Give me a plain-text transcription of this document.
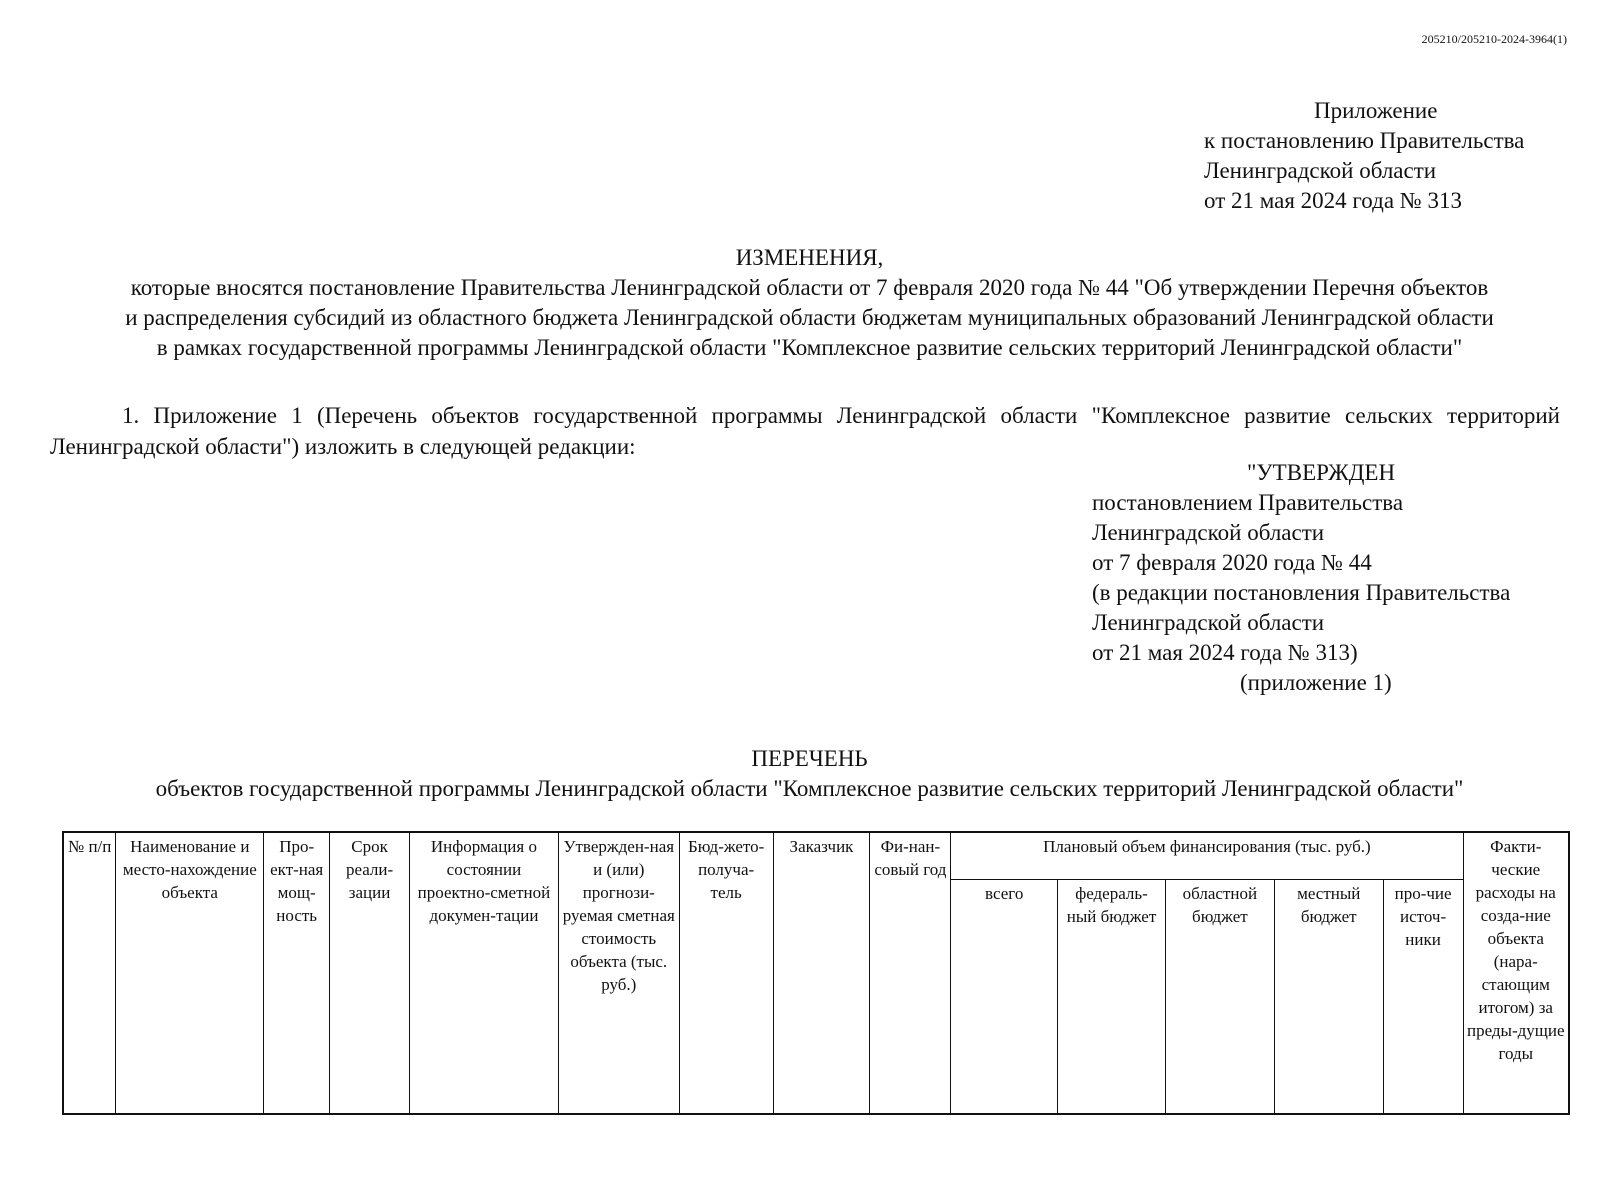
205210/205210-2024-3964(1)
Приложение
к постановлению Правительства
Ленинградской области
от 21 мая 2024 года № 313
ИЗМЕНЕНИЯ,
которые вносятся постановление Правительства Ленинградской области от 7 февраля 2020 года № 44 "Об утверждении Перечня объектов
и распределения субсидий из областного бюджета Ленинградской области бюджетам муниципальных образований Ленинградской области
в рамках государственной программы Ленинградской области "Комплексное развитие сельских территорий Ленинградской области"
1. Приложение 1 (Перечень объектов государственной программы Ленинградской области "Комплексное развитие сельских территорий Ленинградской области") изложить в следующей редакции:
"УТВЕРЖДЕН
постановлением Правительства
Ленинградской области
от 7 февраля 2020 года № 44
(в редакции постановления Правительства
Ленинградской области
от 21 мая 2024 года № 313)
(приложение 1)
ПЕРЕЧЕНЬ
объектов государственной программы Ленинградской области "Комплексное развитие сельских территорий Ленинградской области"
№ п/п	Наименование и место-нахождение объекта	Про-ект-ная мощ-ность	Срок реали-зации	Информация о состоянии проектно-сметной докумен-тации	Утвержден-ная и (или) прогнози-руемая сметная стоимость объекта (тыс. руб.)	Бюд-жето-получа-тель	Заказчик	Фи-нан-совый год	Плановый объем финансирования (тыс. руб.)					Факти-ческие расходы на созда-ние объекта (нара-стающим итогом) за преды-дущие годы
									всего	федераль-ный бюджет	областной бюджет	местный бюджет	про-чие источ-ники	
